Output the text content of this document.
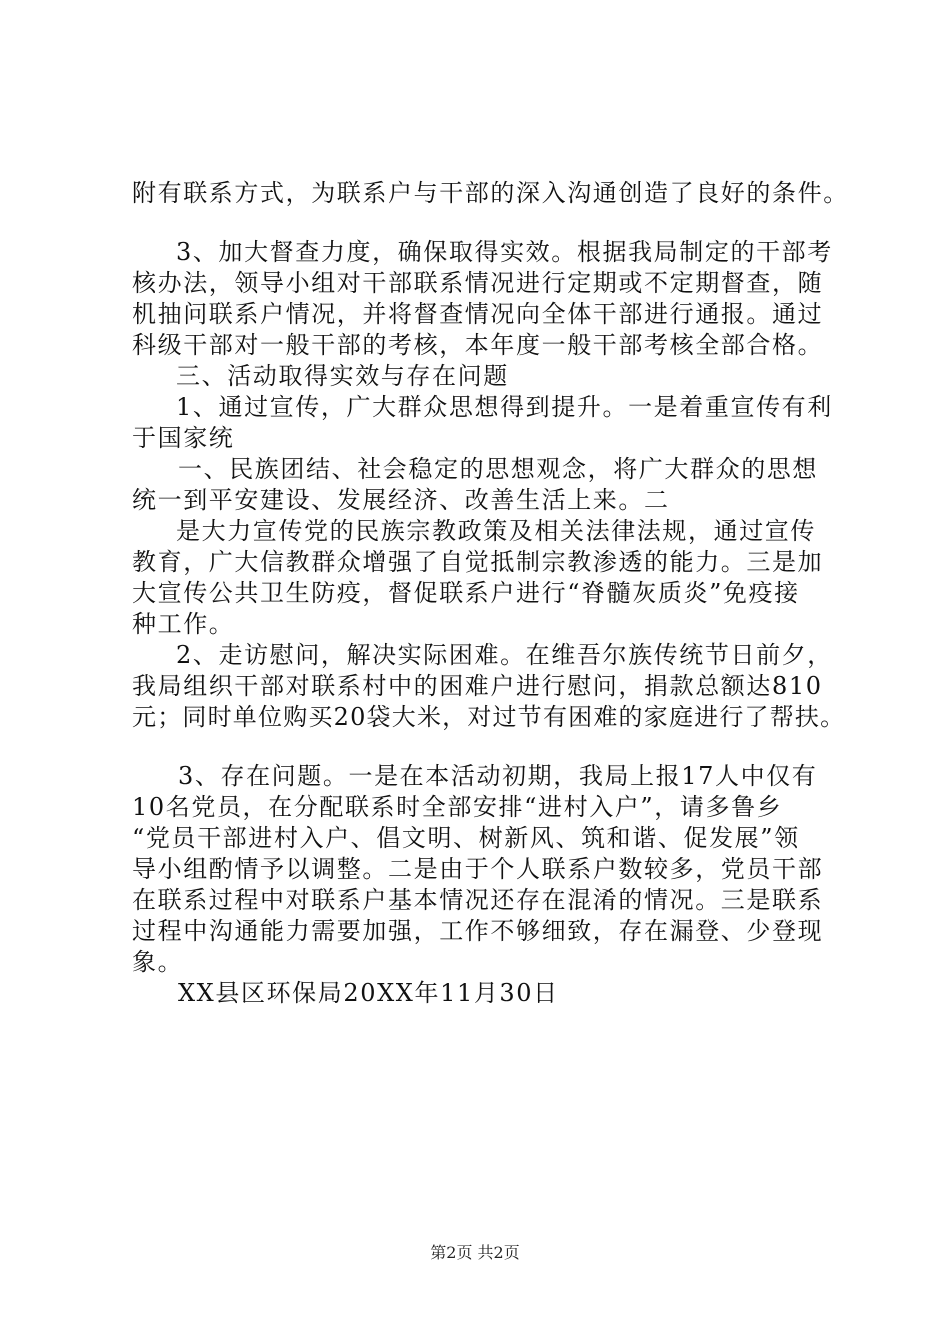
附有联系方式，为联系户与干部的深入沟通创造了良好的条件。
3、加大督查力度，确保取得实效。根据我局制定的干部考
核办法，领导小组对干部联系情况进行定期或不定期督查，随
机抽问联系户情况，并将督查情况向全体干部进行通报。通过
科级干部对一般干部的考核，本年度一般干部考核全部合格。
三、活动取得实效与存在问题
1、通过宣传，广大群众思想得到提升。一是着重宣传有利
于国家统
一、民族团结、社会稳定的思想观念，将广大群众的思想
统一到平安建设、发展经济、改善生活上来。二
是大力宣传党的民族宗教政策及相关法律法规，通过宣传
教育，广大信教群众增强了自觉抵制宗教渗透的能力。三是加
大宣传公共卫生防疫，督促联系户进行“脊髓灰质炎”免疫接
种工作。
2、走访慰问，解决实际困难。在维吾尔族传统节日前夕，
我局组织干部对联系村中的困难户进行慰问，捐款总额达810
元；同时单位购买20袋大米，对过节有困难的家庭进行了帮扶。
3、存在问题。一是在本活动初期，我局上报17人中仅有
10名党员，在分配联系时全部安排“进村入户”，请多鲁乡
“党员干部进村入户、倡文明、树新风、筑和谐、促发展”领
导小组酌情予以调整。二是由于个人联系户数较多，党员干部
在联系过程中对联系户基本情况还存在混淆的情况。三是联系
过程中沟通能力需要加强，工作不够细致，存在漏登、少登现
象。
XX县区环保局20XX年11月30日
第2页 共2页
